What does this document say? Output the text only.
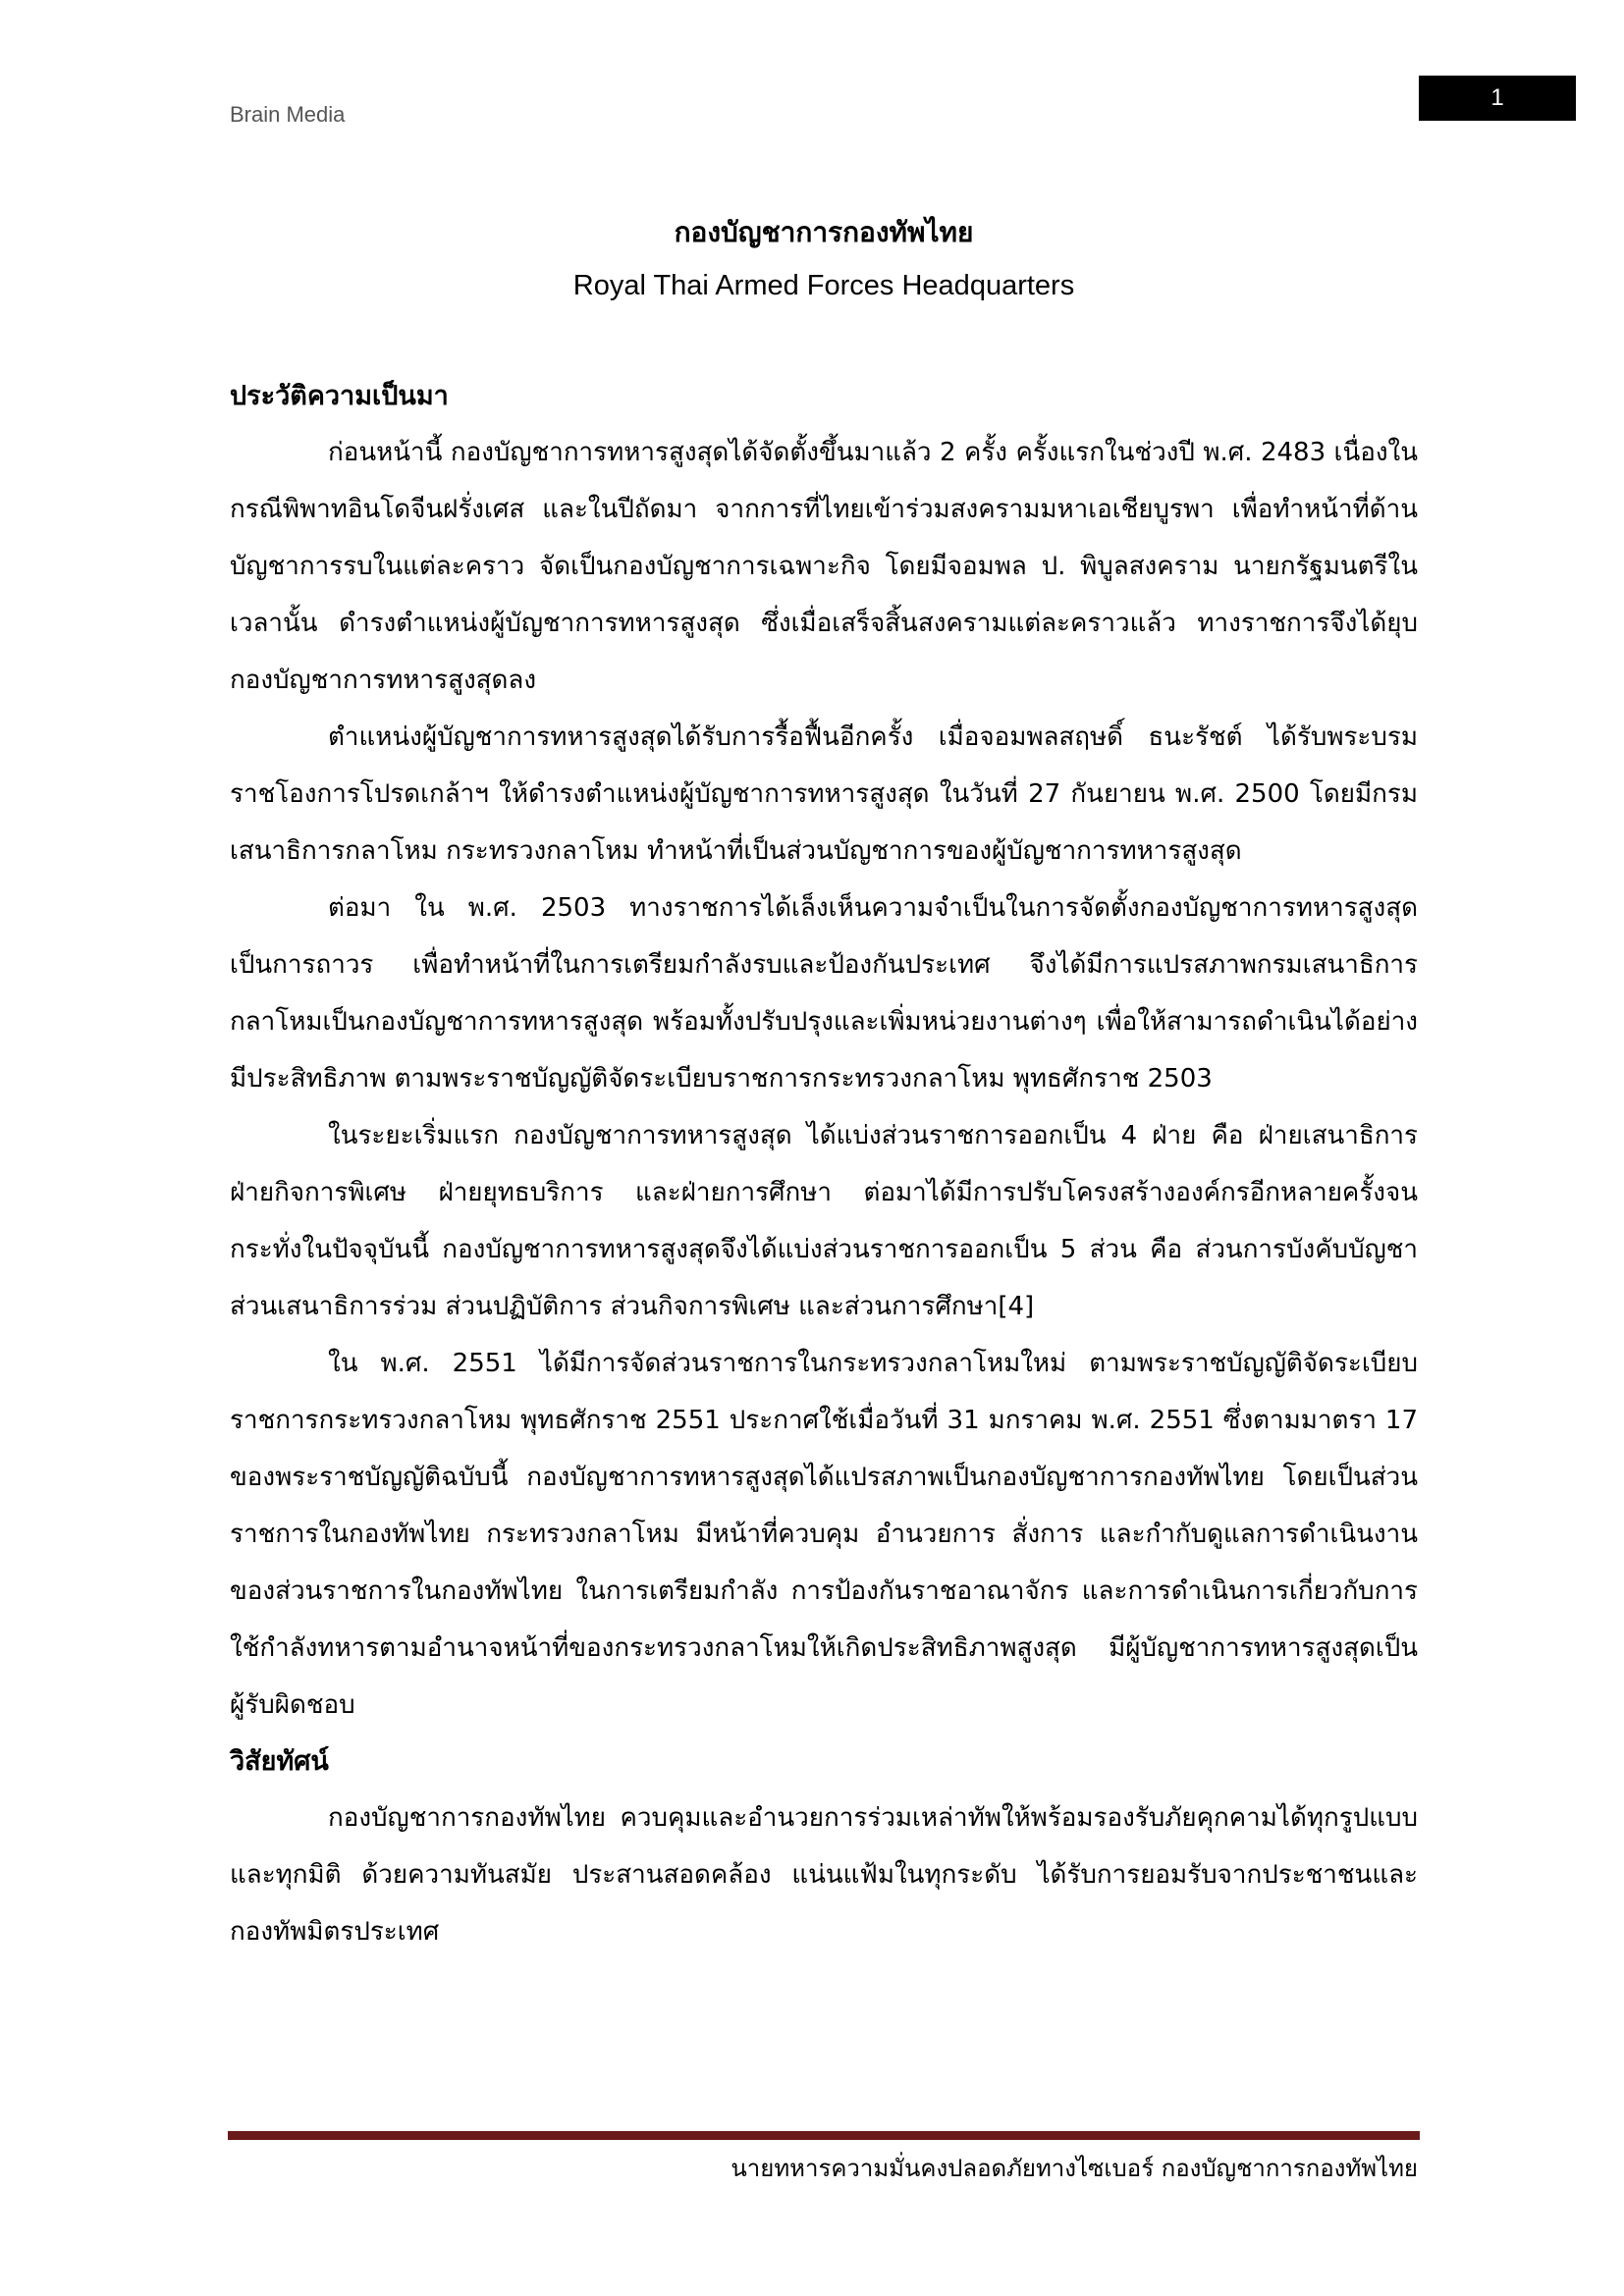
Brain Media
1
กองบัญชาการกองทัพไทย
Royal Thai Armed Forces Headquarters
ประวัติความเป็นมา

ก่อนหน้านี้ กองบัญชาการทหารสูงสุดได้จัดตั้งขึ้นมาแล้ว 2 ครั้ง ครั้งแรกในช่วงปี พ.ศ. 2483 เนื่องในกรณีพิพาทอินโดจีนฝรั่งเศส และในปีถัดมา จากการที่ไทยเข้าร่วมสงครามมหาเอเชียบูรพา เพื่อทำหน้าที่ด้านบัญชาการรบในแต่ละคราว จัดเป็นกองบัญชาการเฉพาะกิจ โดยมีจอมพล ป. พิบูลสงคราม นายกรัฐมนตรีในเวลานั้น ดำรงตำแหน่งผู้บัญชาการทหารสูงสุด ซึ่งเมื่อเสร็จสิ้นสงครามแต่ละคราวแล้ว ทางราชการจึงได้ยุบกองบัญชาการทหารสูงสุดลง

ตำแหน่งผู้บัญชาการทหารสูงสุดได้รับการรื้อฟื้นอีกครั้ง เมื่อจอมพลสฤษดิ์ ธนะรัชต์ ได้รับพระบรมราชโองการโปรดเกล้าฯ ให้ดำรงตำแหน่งผู้บัญชาการทหารสูงสุด ในวันที่ 27 กันยายน พ.ศ. 2500 โดยมีกรมเสนาธิการกลาโหม กระทรวงกลาโหม ทำหน้าที่เป็นส่วนบัญชาการของผู้บัญชาการทหารสูงสุด

ต่อมา ใน พ.ศ. 2503 ทางราชการได้เล็งเห็นความจำเป็นในการจัดตั้งกองบัญชาการทหารสูงสุดเป็นการถาวร เพื่อทำหน้าที่ในการเตรียมกำลังรบและป้องกันประเทศ จึงได้มีการแปรสภาพกรมเสนาธิการกลาโหมเป็นกองบัญชาการทหารสูงสุด พร้อมทั้งปรับปรุงและเพิ่มหน่วยงานต่างๆ เพื่อให้สามารถดำเนินได้อย่างมีประสิทธิภาพ ตามพระราชบัญญัติจัดระเบียบราชการกระทรวงกลาโหม พุทธศักราช 2503

ในระยะเริ่มแรก กองบัญชาการทหารสูงสุด ได้แบ่งส่วนราชการออกเป็น 4 ฝ่าย คือ ฝ่ายเสนาธิการ ฝ่ายกิจการพิเศษ ฝ่ายยุทธบริการ และฝ่ายการศึกษา ต่อมาได้มีการปรับโครงสร้างองค์กรอีกหลายครั้งจนกระทั่งในปัจจุบันนี้ กองบัญชาการทหารสูงสุดจึงได้แบ่งส่วนราชการออกเป็น 5 ส่วน คือ ส่วนการบังคับบัญชา ส่วนเสนาธิการร่วม ส่วนปฏิบัติการ ส่วนกิจการพิเศษ และส่วนการศึกษา[4]

ใน พ.ศ. 2551 ได้มีการจัดส่วนราชการในกระทรวงกลาโหมใหม่ ตามพระราชบัญญัติจัดระเบียบราชการกระทรวงกลาโหม พุทธศักราช 2551 ประกาศใช้เมื่อวันที่ 31 มกราคม พ.ศ. 2551 ซึ่งตามมาตรา 17 ของพระราชบัญญัติฉบับนี้ กองบัญชาการทหารสูงสุดได้แปรสภาพเป็นกองบัญชาการกองทัพไทย โดยเป็นส่วนราชการในกองทัพไทย กระทรวงกลาโหม มีหน้าที่ควบคุม อำนวยการ สั่งการ และกำกับดูแลการดำเนินงานของส่วนราชการในกองทัพไทย ในการเตรียมกำลัง การป้องกันราชอาณาจักร และการดำเนินการเกี่ยวกับการใช้กำลังทหารตามอำนาจหน้าที่ของกระทรวงกลาโหมให้เกิดประสิทธิภาพสูงสุด มีผู้บัญชาการทหารสูงสุดเป็นผู้รับผิดชอบ

วิสัยทัศน์

กองบัญชาการกองทัพไทย ควบคุมและอำนวยการร่วมเหล่าทัพให้พร้อมรองรับภัยคุกคามได้ทุกรูปแบบและทุกมิติ ด้วยความทันสมัย ประสานสอดคล้อง แน่นแฟ้มในทุกระดับ ได้รับการยอมรับจากประชาชนและกองทัพมิตรประเทศ

นายทหารความมั่นคงปลอดภัยทางไซเบอร์ กองบัญชาการกองทัพไทย
